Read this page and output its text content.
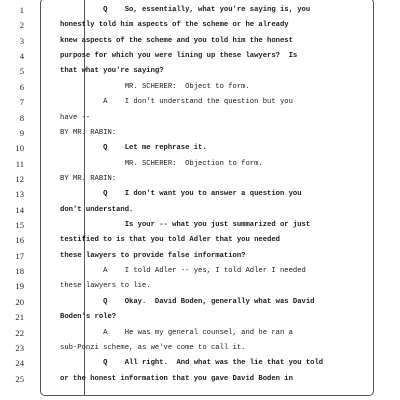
1	Q    So, essentially, what you're saying is, you
2	honestly told him aspects of the scheme or he already
3	knew aspects of the scheme and you told him the honest
4	purpose for which you were lining up these lawyers?  Is
5	that what you're saying?
6	MR. SCHERER:  Object to form.
7	A    I don't understand the question but you
8	have --
9	BY MR. RABIN:
10	Q    Let me rephrase it.
11	MR. SCHERER:  Objection to form.
12	BY MR. RABIN:
13	Q    I don't want you to answer a question you
14	don't understand.
15	Is your -- what you just summarized or just
16	testified to is that you told Adler that you needed
17	these lawyers to provide false information?
18	A    I told Adler -- yes, I told Adler I needed
19	these lawyers to lie.
20	Q    Okay.  David Boden, generally what was David
21	Boden's role?
22	A    He was my general counsel, and he ran a
23	sub-Ponzi scheme, as we've come to call it.
24	Q    All right.  And what was the lie that you told
25	or the honest information that you gave David Boden in
